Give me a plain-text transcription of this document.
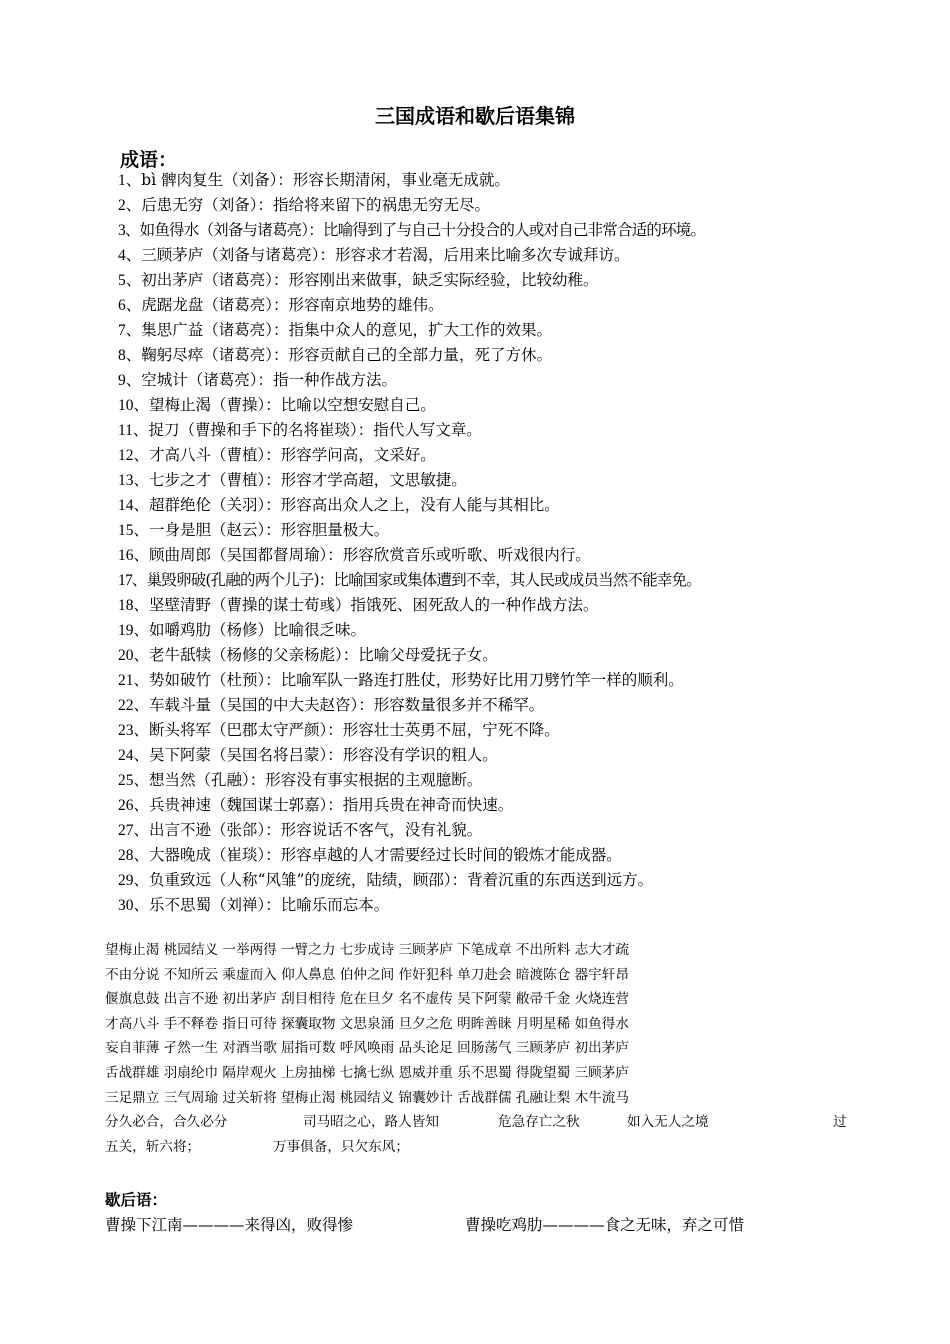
三国成语和歇后语集锦
成语：
1、bì 髀肉复生（刘备）：形容长期清闲，事业毫无成就。
2、后患无穷（刘备）：指给将来留下的祸患无穷无尽。
3、如鱼得水（刘备与诸葛亮）：比喻得到了与自己十分投合的人或对自己非常合适的环境。
4、三顾茅庐（刘备与诸葛亮）：形容求才若渴，后用来比喻多次专诚拜访。
5、初出茅庐（诸葛亮）：形容刚出来做事，缺乏实际经验，比较幼稚。
6、虎踞龙盘（诸葛亮）：形容南京地势的雄伟。
7、集思广益（诸葛亮）：指集中众人的意见，扩大工作的效果。
8、鞠躬尽瘁（诸葛亮）：形容贡献自己的全部力量，死了方休。
9、空城计（诸葛亮）：指一种作战方法。
10、望梅止渴（曹操）：比喻以空想安慰自己。
11、捉刀（曹操和手下的名将崔琰）：指代人写文章。
12、才高八斗（曹植）：形容学问高，文采好。
13、七步之才（曹植）：形容才学高超，文思敏捷。
14、超群绝伦（关羽）：形容高出众人之上，没有人能与其相比。
15、一身是胆（赵云）：形容胆量极大。
16、顾曲周郎（吴国都督周瑜）：形容欣赏音乐或听歌、听戏很内行。
17、巢毁卵破(孔融的两个儿子)：比喻国家或集体遭到不幸，其人民或成员当然不能幸免。
18、坚壁清野（曹操的谋士荀彧）指饿死、困死敌人的一种作战方法。
19、如嚼鸡肋（杨修）比喻很乏味。
20、老牛舐犊（杨修的父亲杨彪）：比喻父母爱抚子女。
21、势如破竹（杜预）：比喻军队一路连打胜仗，形势好比用刀劈竹竿一样的顺利。
22、车载斗量（吴国的中大夫赵咨）：形容数量很多并不稀罕。
23、断头将军（巴郡太守严颜）：形容壮士英勇不屈，宁死不降。
24、吴下阿蒙（吴国名将吕蒙）：形容没有学识的粗人。
25、想当然（孔融）：形容没有事实根据的主观臆断。
26、兵贵神速（魏国谋士郭嘉）：指用兵贵在神奇而快速。
27、出言不逊（张郃）：形容说话不客气，没有礼貌。
28、大器晚成（崔琰）：形容卓越的人才需要经过长时间的锻炼才能成器。
29、负重致远（人称“风雏”的庞统，陆绩，顾邵）：背着沉重的东西送到远方。
30、乐不思蜀（刘禅）：比喻乐而忘本。
望梅止渴 桃园结义 一举两得 一臂之力 七步成诗 三顾茅庐 下笔成章 不出所料 志大才疏
不由分说 不知所云 乘虚而入 仰人鼻息 伯仲之间 作奸犯科 单刀赴会 暗渡陈仓 器宇轩昂
偃旗息鼓 出言不逊 初出茅庐 刮目相待 危在旦夕 名不虚传 吴下阿蒙 敝帚千金 火烧连营
才高八斗 手不释卷 指日可待 探囊取物 文思泉涌 旦夕之危 明眸善睐 月明星稀 如鱼得水
妄自菲薄 孑然一生 对酒当歌 屈指可数 呼风唤雨 品头论足 回肠荡气 三顾茅庐 初出茅庐
舌战群雄 羽扇纶巾 隔岸观火 上房抽梯 七擒七纵 恩威并重 乐不思蜀 得陇望蜀 三顾茅庐
三足鼎立 三气周瑜 过关斩将 望梅止渴 桃园结义 锦囊妙计 舌战群儒 孔融让梨 木牛流马
分久必合，合久必分	司马昭之心，路人皆知	危急存亡之秋	如入无人之境	过
五关，斩六将；	万事俱备，只欠东风；
歇后语：
曹操下江南————来得凶，败得惨	曹操吃鸡肋————食之无味，弃之可惜
